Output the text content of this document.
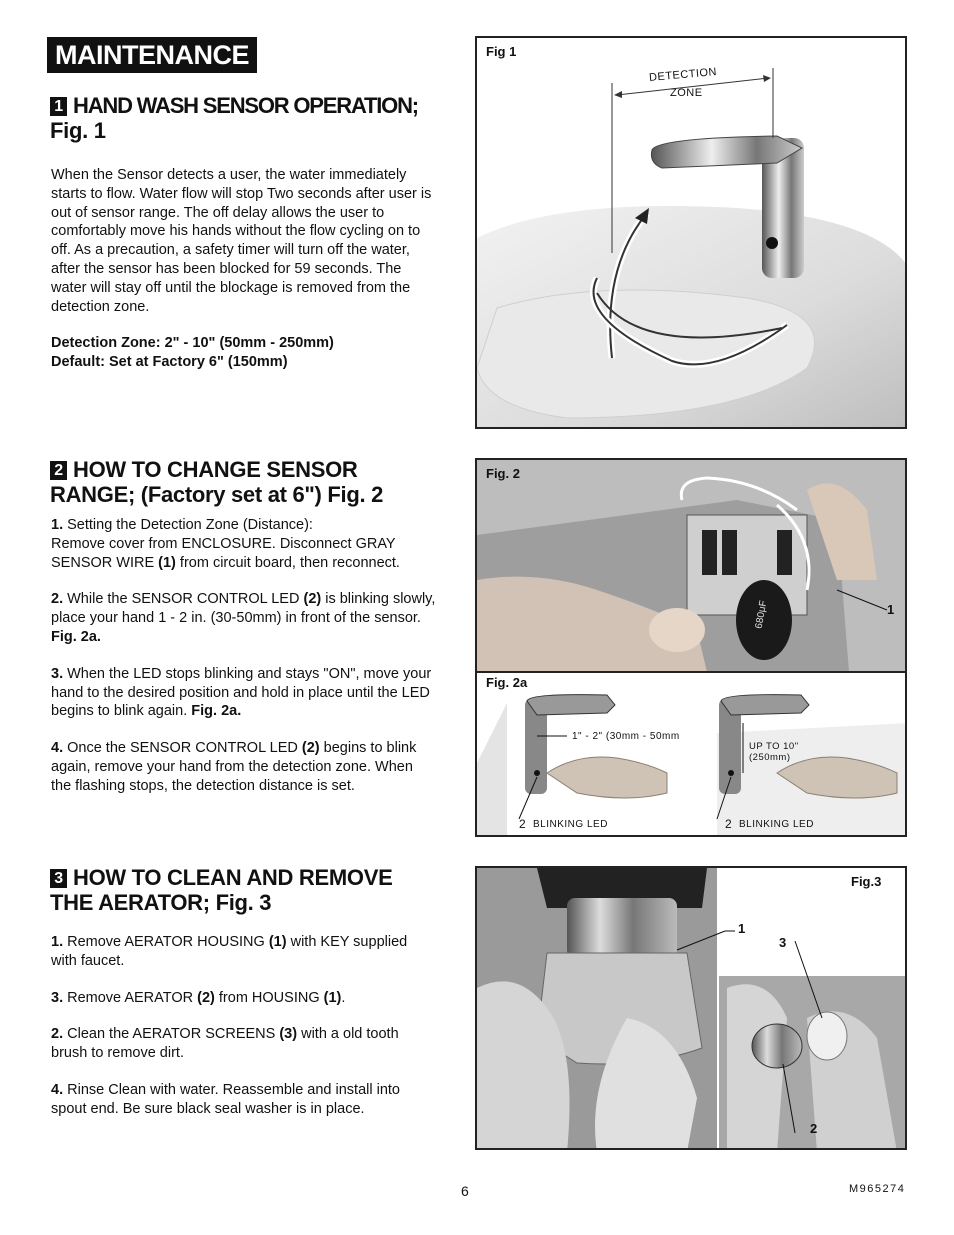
MAINTENANCE
1 HAND WASH SENSOR OPERATION;
Fig. 1

When the Sensor detects a user, the water immediately starts to flow. Water flow will stop Two seconds after user is out of sensor range. The off delay allows the user to comfortably move his hands without the flow cycling on to off. As a precaution, a safety timer will turn off the water, after the sensor has been blocked for 59 seconds. The water will stay off until the blockage is removed from the detection zone.

Detection Zone: 2" - 10" (50mm - 250mm)
Default: Set at Factory 6" (150mm)
2 HOW TO CHANGE SENSOR
RANGE; (Factory set at 6") Fig. 2

1. Setting the Detection Zone (Distance):
Remove cover from ENCLOSURE. Disconnect GRAY SENSOR WIRE (1) from circuit board, then reconnect.

2. While the SENSOR CONTROL LED (2) is blinking slowly, place your hand 1 - 2 in. (30-50mm) in front of the sensor. Fig. 2a.

3. When the LED stops blinking and stays "ON", move your hand to the desired position and hold in place until the LED begins to blink again. Fig. 2a.

4. Once the SENSOR CONTROL LED (2) begins to blink again, remove your hand from the detection zone. When the flashing stops, the detection distance is set.

3 HOW TO CLEAN AND REMOVE
THE AERATOR; Fig. 3

1. Remove AERATOR HOUSING (1) with KEY supplied with faucet.

3. Remove AERATOR (2) from HOUSING (1).

2. Clean the AERATOR SCREENS (3) with a old tooth brush to remove dirt.

4. Rinse Clean with water. Reassemble and install into spout end. Be sure black seal washer is in place.

Fig 1
DETECTION
ZONE
680μF
Fig. 2
1
Fig. 2a
1" - 2" (30mm - 50mm
UP TO 10"
(250mm)
2 BLINKING LED	2 BLINKING LED
Fig.3
1
3
2
6	M965274
